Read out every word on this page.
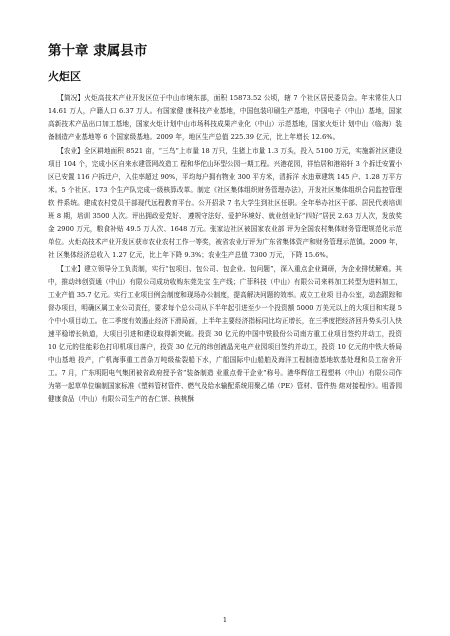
第十章 隶属县市
火炬区

【简况】火炬高技术产业开发区位于中山市境东部，面积 15873.52 公顷，辖 7 个社区居民委员会。年末常住人口 14.61 万人，户籍人口 6.37 万人。有国家健 康科技产业基地，中国包装印刷生产基地，中国电子（中山）基地，国家高新技术产品出口加工基地，国家火炬计划中山市场科技成果产业化（中山）示范基地，国家火炬计 划中山（临海）装备制造产业基地等 6 个国家级基地。2009 年，地区生产总值 225.39 亿元，比上年增长 12.6%。

【农业】全区耕地面积 8521 亩，“三鸟”上市量 18 万只，生猪上市量 1.3 万头，投入 5100 万元，实施新社区建设项目 104 个，完成小区自来水建管网改造工 程和华佗山环型公园一期工程。兴港花园，祥怡居和港裕轩 3 个拆迁安置小区已安置 116 户拆迁户，入住率超过 90%，平均每户拥有物业 300 平方米，清拆洋 水违章建筑 145 户、1.28 万平方米。5 个社区、173 个生产队完成一级核算改革。制定《社区集体组织财务管理办法》，开发社区集体组织合同监控管理软 件系统。建成农村党员干部现代远程教育平台。公开招录 7 名大学生到社区任职。全年举办社区干部、居民代表培训班 8 期，培训 3500 人次。评出拥政爱党好、 遵规守法好、爱护环境好、就业创业好“四好”居民 2.63 万人次，发放奖金 2900 万元，粮食补贴 49.5 万人次、1648 万元。张家边社区被国家农业部 评为全国农村集体财务管理规范化示范单位。火炬高技术产业开发区获市农业农村工作一等奖，被省农业厅评为广东省集体资产和财务管理示范镇。2009 年，社 区集体经济总收入 1.27 亿元，比上年下降 9.3%；农业生产总值 7300 万元，下降 15.6%。

【工业】建立领导分工负责制，实行“包项目、包公司、包企业、包问题”，深入重点企业调研，为企业排忧解难。其中，推动纬创资通（中山）有限公司成功收购东莞先宝 生产线；广菲科技（中山）有限公司来料加工转型为进料加工，工业产值 35.7 亿元。实行工业项目例会制度和现场办公制度，提高解决问题的效率。成立工业项 目办公室，动态跟踪和督办项目，明确区属工业公司责任，要求每个总公司从下半年起引进至少一个投资额 5000 万美元以上的大项目和实现 5 个中小项目动工。在二季度有效遏止经济下滑局面，上半年主要经济指标同比均正增长，在三季度把经济回升势头引入快速平稳增长轨道，大项目引进和建设取得新突破。投资 30 亿元的中国中铁股份公司南方重工业项目签约并动工，投资 10 亿元的佳能彩色打印机项目落户，投资 30 亿元的纬创液晶光电产业园项目签约并动工，投资 10 亿元的中铁大桥局中山基地 投产，广机海事重工首条万吨级盐裂船下水，广船国际中山船舶及海洋工程制造基地软基处理和员工宿舍开工。7 月，广东明阳电气集团被省政府授予省“装备制造 业重点骨干企业”称号。港华辉信工程塑料（中山）有限公司作为第一起草单位编制国家标准《塑料管材管件、燃气及给水输配系统用聚乙烯（PE）管材、管件热 熔对接程序》。咀香园健康食品（中山）有限公司生产的杏仁饼、核桃酥

1
